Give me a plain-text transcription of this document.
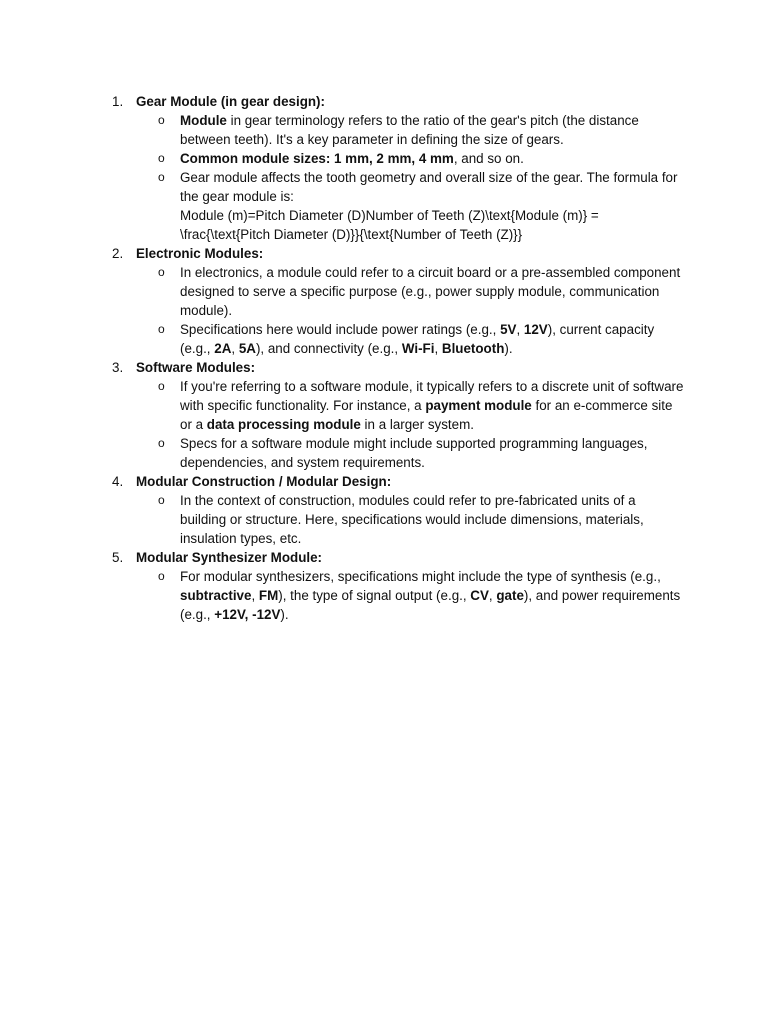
1. Gear Module (in gear design):
o Module in gear terminology refers to the ratio of the gear's pitch (the distance between teeth). It's a key parameter in defining the size of gears.
o Common module sizes: 1 mm, 2 mm, 4 mm, and so on.
o Gear module affects the tooth geometry and overall size of the gear. The formula for the gear module is:
Module (m)=Pitch Diameter (D)Number of Teeth (Z)\text{Module (m)} = \frac{\text{Pitch Diameter (D)}}{\text{Number of Teeth (Z)}}
2. Electronic Modules:
o In electronics, a module could refer to a circuit board or a pre-assembled component designed to serve a specific purpose (e.g., power supply module, communication module).
o Specifications here would include power ratings (e.g., 5V, 12V), current capacity (e.g., 2A, 5A), and connectivity (e.g., Wi-Fi, Bluetooth).
3. Software Modules:
o If you're referring to a software module, it typically refers to a discrete unit of software with specific functionality. For instance, a payment module for an e-commerce site or a data processing module in a larger system.
o Specs for a software module might include supported programming languages, dependencies, and system requirements.
4. Modular Construction / Modular Design:
o In the context of construction, modules could refer to pre-fabricated units of a building or structure. Here, specifications would include dimensions, materials, insulation types, etc.
5. Modular Synthesizer Module:
o For modular synthesizers, specifications might include the type of synthesis (e.g., subtractive, FM), the type of signal output (e.g., CV, gate), and power requirements (e.g., +12V, -12V).
